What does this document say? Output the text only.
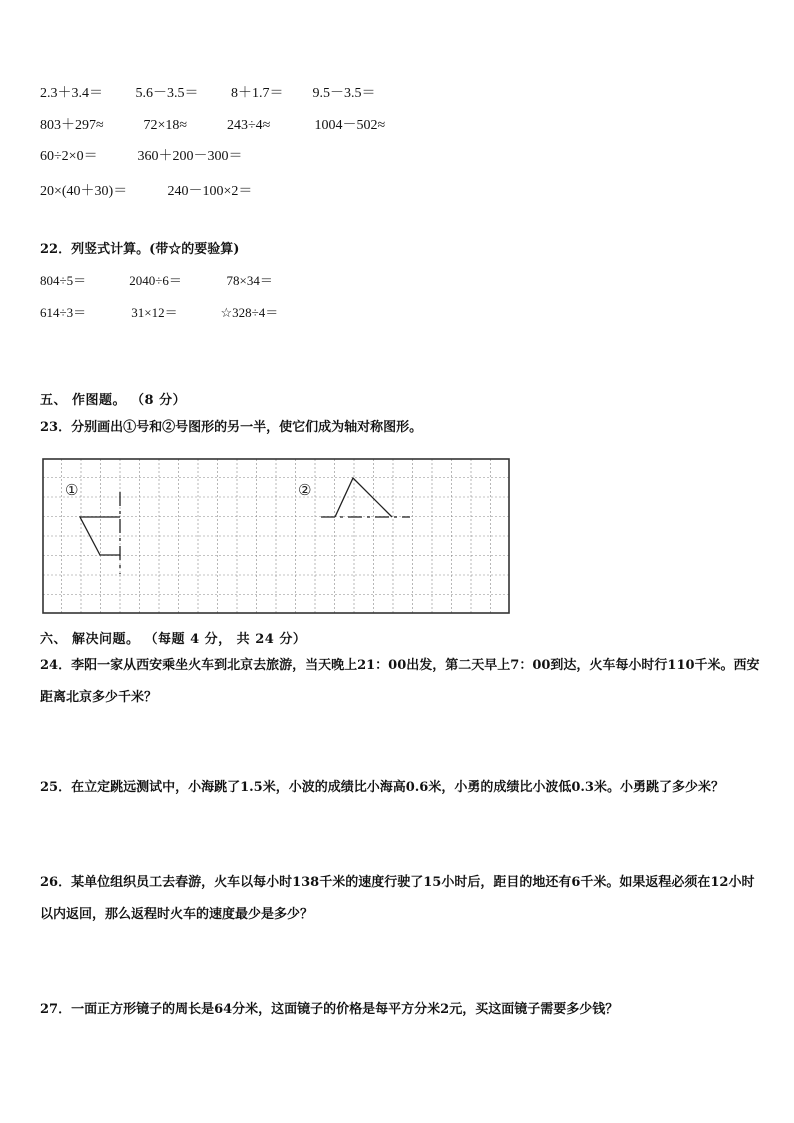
2.3＋3.4＝ 5.6－3.5＝ 8＋1.7＝ 9.5－3.5＝
803＋297≈	72×18≈	243÷4≈	1004－502≈
60÷2×0＝	360＋200－300＝
20×(40＋30)＝	240－100×2＝
22．列竖式计算。(带☆的要验算)
804÷5＝	2040÷6＝	78×34＝
614÷3＝	31×12＝	☆328÷4＝
五、 作图题。 （8 分）
23．分别画出①号和②号图形的另一半，使它们成为轴对称图形。
①	②
六、 解决问题。 （每题 4 分， 共 24 分）
24．李阳一家从西安乘坐火车到北京去旅游，当天晚上21：00出发，第二天早上7：00到达，火车每小时行110千米。西安距离北京多少千米？
25．在立定跳远测试中，小海跳了1.5米，小波的成绩比小海高0.6米，小勇的成绩比小波低0.3米。小勇跳了多少米？
26．某单位组织员工去春游，火车以每小时138千米的速度行驶了15小时后，距目的地还有6千米。如果返程必须在12小时以内返回，那么返程时火车的速度最少是多少？
27．一面正方形镜子的周长是64分米，这面镜子的价格是每平方分米2元，买这面镜子需要多少钱？
